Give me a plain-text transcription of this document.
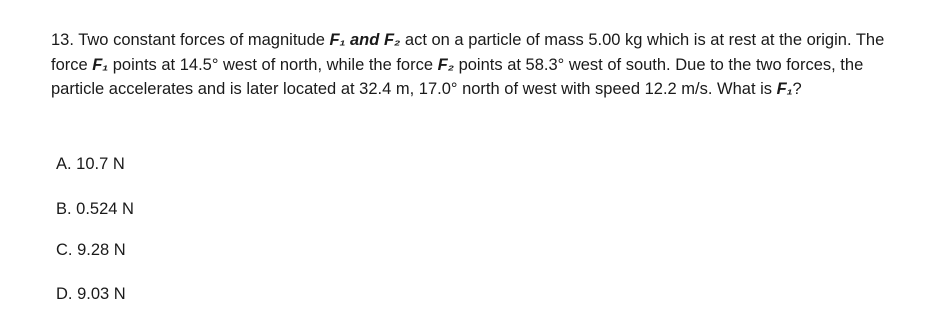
13. Two constant forces of magnitude F₁ and F₂ act on a particle of mass 5.00 kg which is at rest at the origin. The force F₁ points at 14.5° west of north, while the force F₂ points at 58.3° west of south. Due to the two forces, the particle accelerates and is later located at 32.4 m, 17.0° north of west with speed 12.2 m/s. What is F₁?

A. 10.7 N
B. 0.524 N
C. 9.28 N
D. 9.03 N
